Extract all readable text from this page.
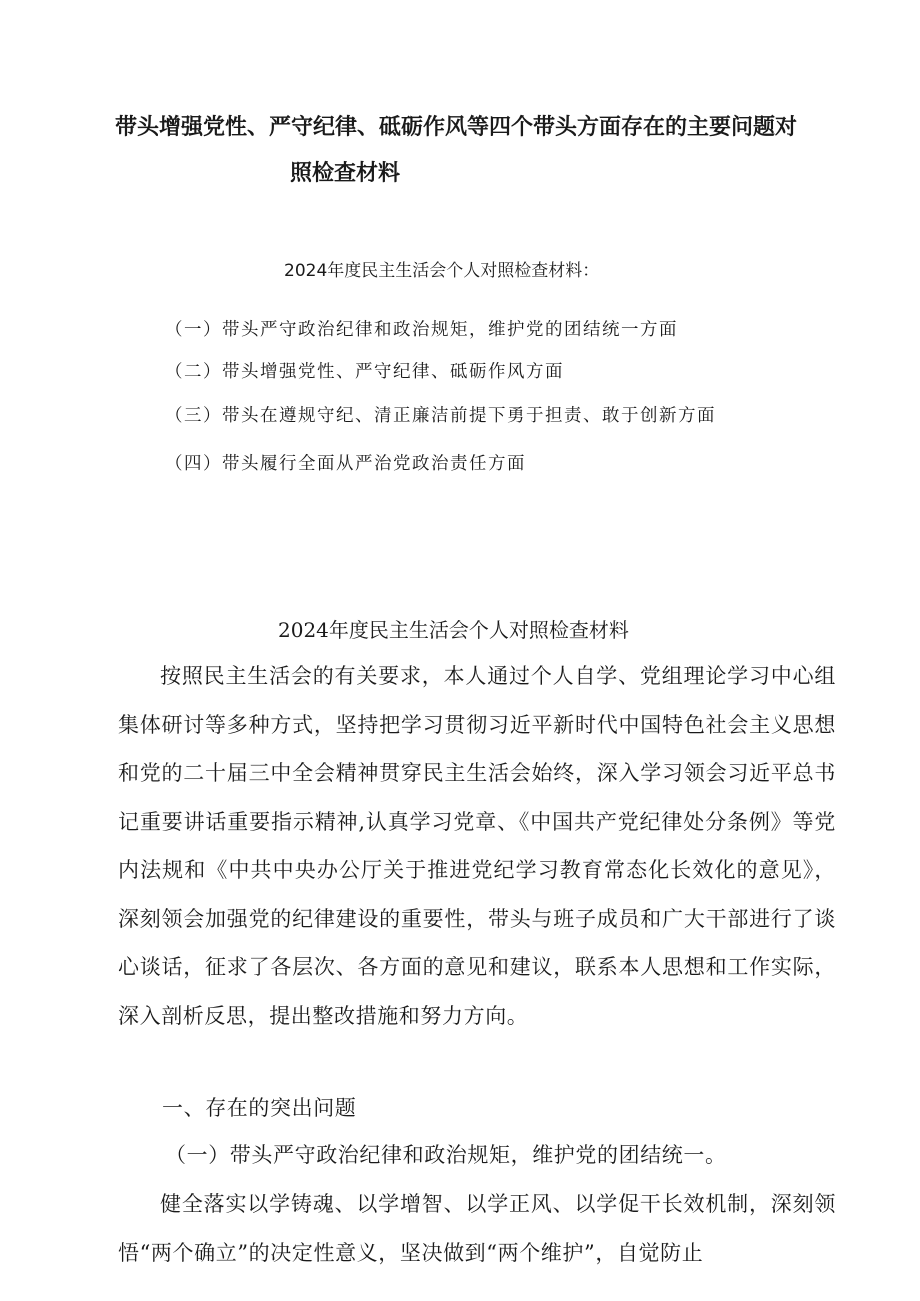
带头增强党性、严守纪律、砥砺作风等四个带头方面存在的主要问题对
照检查材料
2024年度民主生活会个人对照检查材料：
（一）带头严守政治纪律和政治规矩，维护党的团结统一方面
（二）带头增强党性、严守纪律、砥砺作风方面
（三）带头在遵规守纪、清正廉洁前提下勇于担责、敢于创新方面
（四）带头履行全面从严治党政治责任方面
2024年度民主生活会个人对照检查材料

按照民主生活会的有关要求，本人通过个人自学、党组理论学习中心组集体研讨等多种方式，坚持把学习贯彻习近平新时代中国特色社会主义思想和党的二十届三中全会精神贯穿民主生活会始终，深入学习领会习近平总书记重要讲话重要指示精神,认真学习党章、《中国共产党纪律处分条例》等党内法规和《中共中央办公厅关于推进党纪学习教育常态化长效化的意见》，深刻领会加强党的纪律建设的重要性，带头与班子成员和广大干部进行了谈心谈话，征求了各层次、各方面的意见和建议，联系本人思想和工作实际，深入剖析反思，提出整改措施和努力方向。

一、存在的突出问题
（一）带头严守政治纪律和政治规矩，维护党的团结统一。

健全落实以学铸魂、以学增智、以学正风、以学促干长效机制，深刻领悟“两个确立”的决定性意义，坚决做到“两个维护”，自觉防止
